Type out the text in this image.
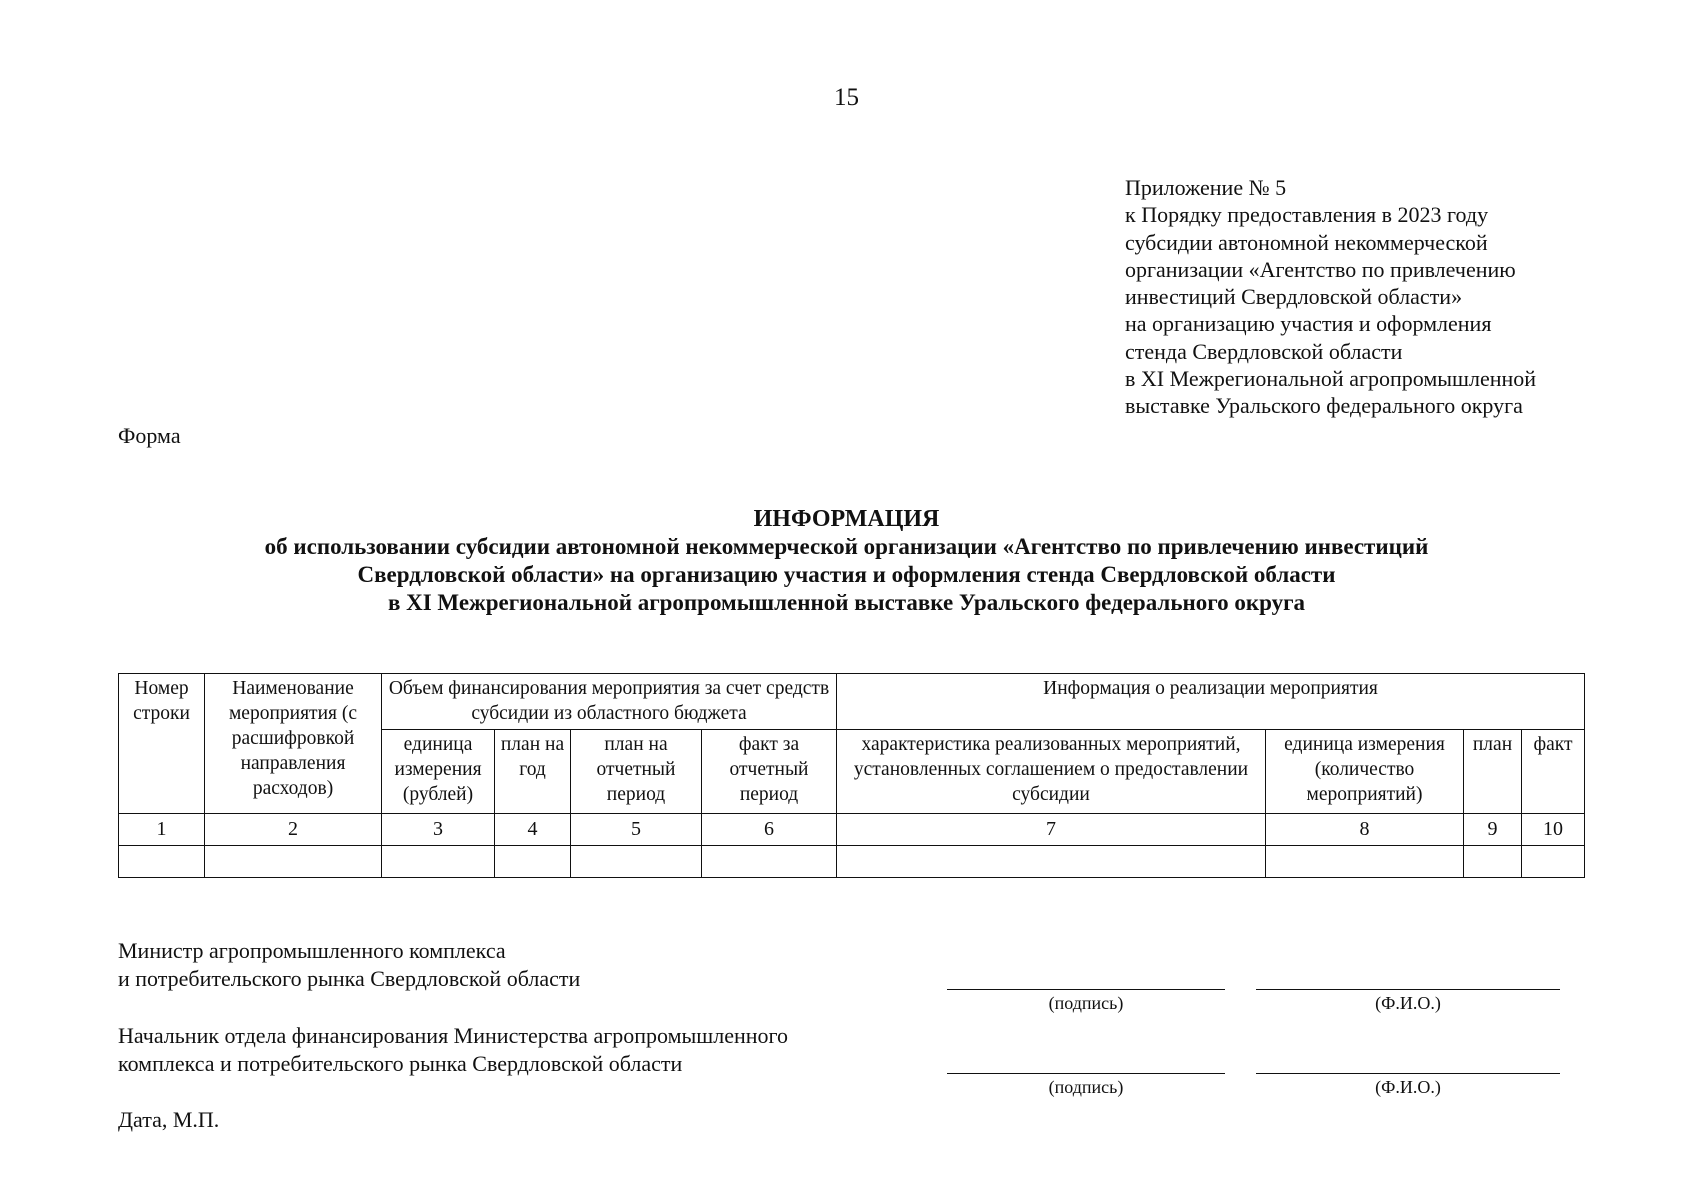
15
Приложение № 5
к Порядку предоставления в 2023 году
субсидии автономной некоммерческой
организации «Агентство по привлечению
инвестиций Свердловской области»
на организацию участия и оформления
стенда Свердловской области
в XI Межрегиональной агропромышленной
выставке Уральского федерального округа
Форма
ИНФОРМАЦИЯ
об использовании субсидии автономной некоммерческой организации «Агентство по привлечению инвестиций
Свердловской области» на организацию участия и оформления стенда Свердловской области
в XI Межрегиональной агропромышленной выставке Уральского федерального округа
Номер строки	Наименование мероприятия (с расшифровкой направления расходов)	Объем финансирования мероприятия за счет средств субсидии из областного бюджета				Информация о реализации мероприятия			
		единица измерения (рублей)	план на год	план на отчетный период	факт за отчетный период	характеристика реализованных мероприятий, установленных соглашением о предоставлении субсидии	единица измерения (количество мероприятий)	план	факт
1	2	3	4	5	6	7	8	9	10

Министр агропромышленного комплекса
и потребительского рынка Свердловской области
(подпись)	(Ф.И.О.)
Начальник отдела финансирования Министерства агропромышленного
комплекса и потребительского рынка Свердловской области
(подпись)	(Ф.И.О.)
Дата, М.П.
